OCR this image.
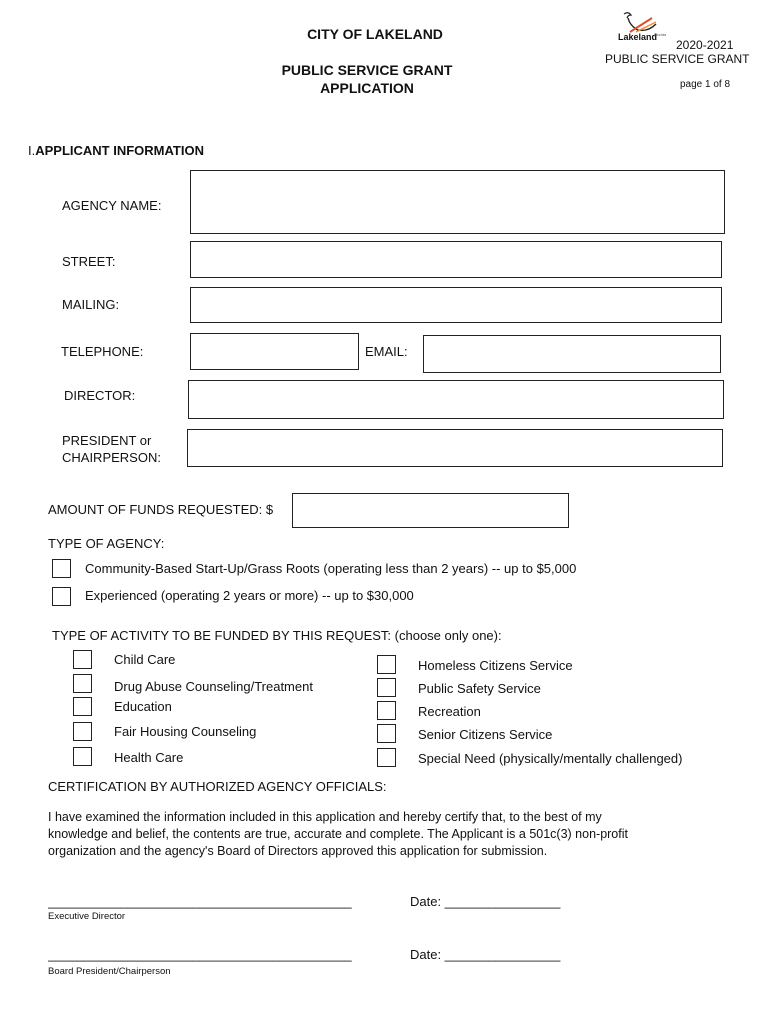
CITY OF LAKELAND
PUBLIC SERVICE GRANT
APPLICATION
Lakeland
Florida
2020-2021
PUBLIC SERVICE GRANT
page 1 of 8
I.APPLICANT INFORMATION
AGENCY NAME:
STREET:
MAILING:
TELEPHONE:	EMAIL:
DIRECTOR:
PRESIDENT or
CHAIRPERSON:
AMOUNT OF FUNDS REQUESTED: $
TYPE OF AGENCY:
Community-Based Start-Up/Grass Roots (operating less than 2 years) -- up to $5,000
Experienced (operating 2 years or more) -- up to $30,000
TYPE OF ACTIVITY TO BE FUNDED BY THIS REQUEST: (choose only one):
Child Care
Drug Abuse Counseling/Treatment
Education
Fair Housing Counseling
Health Care
Homeless Citizens Service
Public Safety Service
Recreation
Senior Citizens Service
Special Need (physically/mentally challenged)
CERTIFICATION BY AUTHORIZED AGENCY OFFICIALS:
I have examined the information included in this application and hereby certify that, to the best of my knowledge and belief, the contents are true, accurate and complete. The Applicant is a 501c(3) non-profit organization and the agency's Board of Directors approved this application for submission.
__________________________________________	Date: ________________
Executive Director
__________________________________________	Date: ________________
Board President/Chairperson
